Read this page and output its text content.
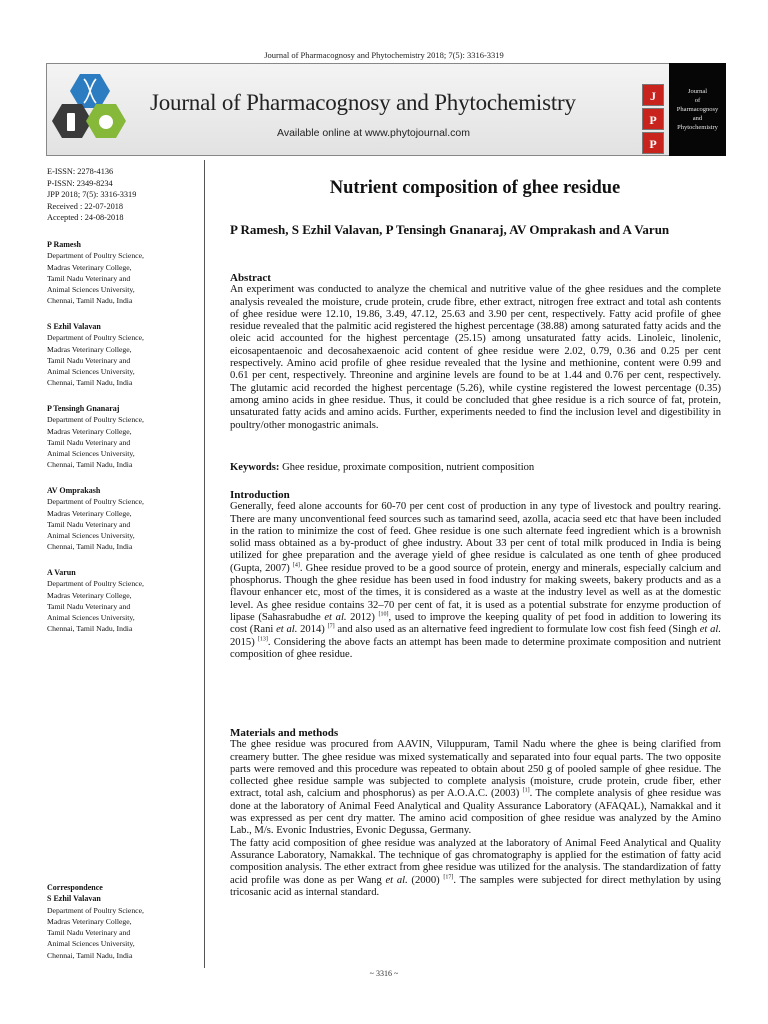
Journal of Pharmacognosy and Phytochemistry 2018; 7(5): 3316-3319
Journal of Pharmacognosy and Phytochemistry
Available online at www.phytojournal.com
J
P
P
Journal
of
Pharmacognosy
and
Phytochemistry
E-ISSN: 2278-4136
P-ISSN: 2349-8234
JPP 2018; 7(5): 3316-3319
Received : 22-07-2018
Accepted : 24-08-2018
P Ramesh
Department of Poultry Science,
Madras Veterinary College,
Tamil Nadu Veterinary and
Animal Sciences University,
Chennai, Tamil Nadu, India
S Ezhil Valavan
Department of Poultry Science,
Madras Veterinary College,
Tamil Nadu Veterinary and
Animal Sciences University,
Chennai, Tamil Nadu, India
P Tensingh Gnanaraj
Department of Poultry Science,
Madras Veterinary College,
Tamil Nadu Veterinary and
Animal Sciences University,
Chennai, Tamil Nadu, India
AV Omprakash
Department of Poultry Science,
Madras Veterinary College,
Tamil Nadu Veterinary and
Animal Sciences University,
Chennai, Tamil Nadu, India
A Varun
Department of Poultry Science,
Madras Veterinary College,
Tamil Nadu Veterinary and
Animal Sciences University,
Chennai, Tamil Nadu, India
Correspondence
S Ezhil Valavan
Department of Poultry Science,
Madras Veterinary College,
Tamil Nadu Veterinary and
Animal Sciences University,
Chennai, Tamil Nadu, India
Nutrient composition of ghee residue
P Ramesh, S Ezhil Valavan, P Tensingh Gnanaraj, AV Omprakash and A Varun
Abstract
An experiment was conducted to analyze the chemical and nutritive value of the ghee residues and the complete analysis revealed the moisture, crude protein, crude fibre, ether extract, nitrogen free extract and total ash contents of ghee residue were 12.10, 19.86, 3.49, 47.12, 25.63 and 3.90 per cent, respectively. Fatty acid profile of ghee residue revealed that the palmitic acid registered the highest percentage (38.88) among saturated fatty acids and the oleic acid accounted for the highest percentage (25.15) among unsaturated fatty acids. Linoleic, linolenic, eicosapentaenoic and decosahexaenoic acid content of ghee residue were 2.02, 0.79, 0.36 and 0.25 per cent respectively. Amino acid profile of ghee residue revealed that the lysine and methionine, content were 0.99 and 0.61 per cent, respectively. Threonine and arginine levels are found to be at 1.44 and 0.76 per cent, respectively. The glutamic acid recorded the highest percentage (5.26), while cystine registered the lowest percentage (0.35) among amino acids in ghee residue. Thus, it could be concluded that ghee residue is a rich source of fat, protein, unsaturated fatty acids and amino acids. Further, experiments needed to find the inclusion level and digestibility in poultry/other monogastric animals.
Keywords: Ghee residue, proximate composition, nutrient composition
Introduction
Generally, feed alone accounts for 60-70 per cent cost of production in any type of livestock and poultry rearing. There are many unconventional feed sources such as tamarind seed, azolla, acacia seed etc that have been included in the ration to minimize the cost of feed. Ghee residue is one such alternate feed ingredient which is a brownish solid mass obtained as a by-product of ghee industry. About 33 per cent of total milk produced in India is being utilized for ghee preparation and the average yield of ghee residue is calculated as one tenth of ghee produced (Gupta, 2007) [4]. Ghee residue proved to be a good source of protein, energy and minerals, especially calcium and phosphorus. Though the ghee residue has been used in food industry for making sweets, bakery products and as a flavour enhancer etc, most of the times, it is considered as a waste at the industry level as well as at the domestic level. As ghee residue contains 32–70 per cent of fat, it is used as a potential substrate for enzyme production of lipase (Sahasrabudhe et al. 2012) [10], used to improve the keeping quality of pet food in addition to lowering its cost (Rani et al. 2014) [7] and also used as an alternative feed ingredient to formulate low cost fish feed (Singh et al. 2015) [13]. Considering the above facts an attempt has been made to determine proximate composition and nutrient composition of ghee residue.
Materials and methods
The ghee residue was procured from AAVIN, Viluppuram, Tamil Nadu where the ghee is being clarified from creamery butter. The ghee residue was mixed systematically and separated into four equal parts. The two opposite parts were removed and this procedure was repeated to obtain about 250 g of pooled sample of ghee residue. The collected ghee residue sample was subjected to complete analysis (moisture, crude protein, crude fiber, ether extract, total ash, calcium and phosphorus) as per A.O.A.C. (2003) [1]. The complete analysis of ghee residue was done at the laboratory of Animal Feed Analytical and Quality Assurance Laboratory (AFAQAL), Namakkal and it was expressed as per cent dry matter. The amino acid composition of ghee residue was analyzed by the Amino Lab., M/s. Evonic Industries, Evonic Degussa, Germany.
The fatty acid composition of ghee residue was analyzed at the laboratory of Animal Feed Analytical and Quality Assurance Laboratory, Namakkal. The technique of gas chromatography is applied for the estimation of fatty acid composition analysis. The ether extract from ghee residue was utilized for the analysis. The standardization of fatty acid profile was done as per Wang et al. (2000) [17]. The samples were subjected for direct methylation by using tricosanic acid as internal standard.
~ 3316 ~
